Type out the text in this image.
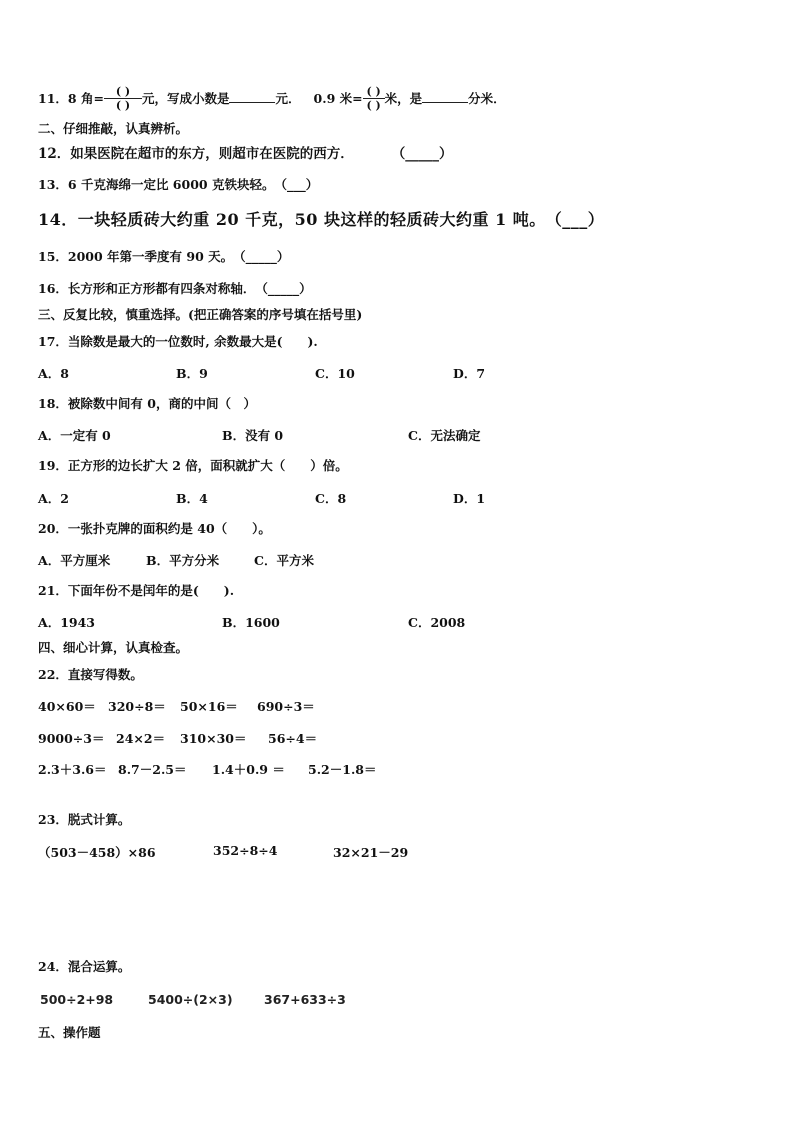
11．8 角= $\frac{( )}{( )}$ 元，写成小数是	元． 0.9 米= $\frac{( )}{( )}$ 米，是	分米．
二、仔细推敲，认真辨析。
12．如果医院在超市的东方，则超市在医院的西方．	（_____）
13．6 千克海绵一定比 6000 克铁块轻。（___）
14．一块轻质砖大约重 20 千克，50 块这样的轻质砖大约重 1 吨。（___）
15．2000 年第一季度有 90 天。（_____）
16．长方形和正方形都有四条对称轴．（_____）
三、反复比较，慎重选择。(把正确答案的序号填在括号里)
17．当除数是最大的一位数时, 余数最大是(　　).
A．8	B．9	C．10	D．7
18．被除数中间有 0，商的中间（　）
A．一定有 0	B．没有 0	C．无法确定
19．正方形的边长扩大 2 倍，面积就扩大（　　）倍。
A．2	B．4	C．8	D．1
20．一张扑克牌的面积约是 40（　　）。
A．平方厘米	B．平方分米	C．平方米
21．下面年份不是闰年的是(　　).
A．1943	B．1600	C．2008
四、细心计算，认真检查。
22．直接写得数。
40×60＝ 320÷8＝ 50×16＝ 690÷3＝
9000÷3＝ 24×2＝ 310×30＝ 56÷4＝
2.3＋3.6＝ 8.7－2.5＝ 1.4＋0.9 ＝ 5.2－1.8＝
23．脱式计算。
（503－458）×86	352÷8÷4	32×21－29
24．混合运算。
500÷2+98	5400÷(2×3)	367+633÷3
五、操作题
